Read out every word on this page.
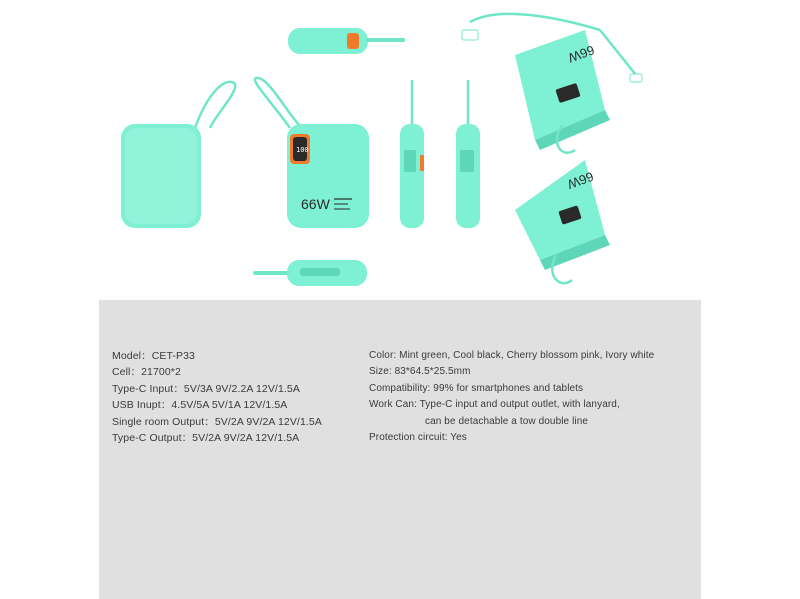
100
66W
66W
66W
Model：CET-P33
Cell：21700*2
Type-C Input：5V/3A 9V/2.2A 12V/1.5A
USB Inupt：4.5V/5A 5V/1A 12V/1.5A
Single room Output：5V/2A 9V/2A 12V/1.5A
Type-C Output：5V/2A 9V/2A 12V/1.5A
Color: Mint green, Cool black, Cherry blossom pink, Ivory white
Size: 83*64.5*25.5mm
Compatibility: 99% for smartphones and tablets
Work Can: Type-C input and output outlet, with lanyard,
can be detachable a tow double line
Protection circuit: Yes
